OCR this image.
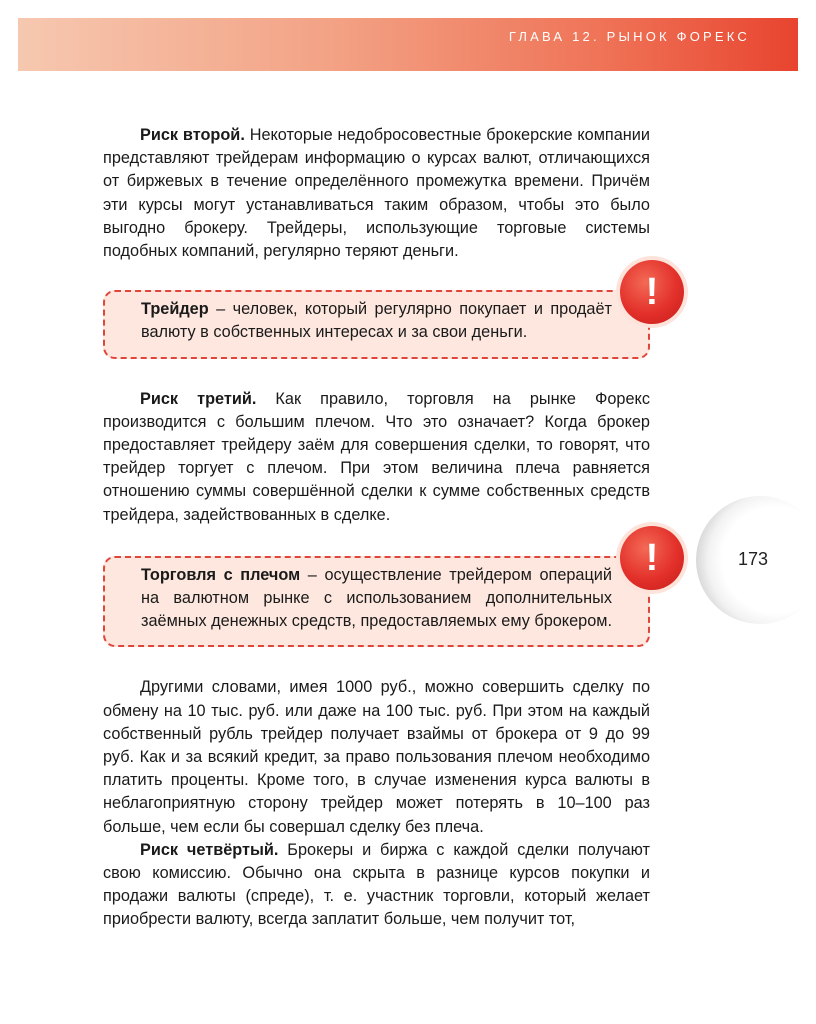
ГЛАВА 12. РЫНОК ФОРЕКС

Риск второй. Некоторые недобросовестные брокерские компании представляют трейдерам информацию о курсах валют, отличающихся от биржевых в течение определённого промежутка времени. Причём эти курсы могут устанавливаться таким образом, чтобы это было выгодно брокеру. Трейдеры, использующие торговые системы подобных компаний, регулярно теряют деньги.

!
Трейдер – человек, который регулярно покупает и продаёт валюту в собственных интересах и за свои деньги.

Риск третий. Как правило, торговля на рынке Форекс производится с большим плечом. Что это означает? Когда брокер предоставляет трейдеру заём для совершения сделки, то говорят, что трейдер торгует с плечом. При этом величина плеча равняется отношению суммы совершённой сделки к сумме собственных средств трейдера, задействованных в сделке.

!
Торговля с плечом – осуществление трейдером операций на валютном рынке с использованием дополнительных заёмных денежных средств, предоставляемых ему брокером.

Другими словами, имея 1000 руб., можно совершить сделку по обмену на 10 тыс. руб. или даже на 100 тыс. руб. При этом на каждый собственный рубль трейдер получает взаймы от брокера от 9 до 99 руб. Как и за всякий кредит, за право пользования плечом необходимо платить проценты. Кроме того, в случае изменения курса валюты в неблагоприятную сторону трейдер может потерять в 10–100 раз больше, чем если бы совершал сделку без плеча.

Риск четвёртый. Брокеры и биржа с каждой сделки получают свою комиссию. Обычно она скрыта в разнице курсов покупки и продажи валюты (спреде), т. е. участник торговли, который желает приобрести валюту, всегда заплатит больше, чем получит тот,

173
